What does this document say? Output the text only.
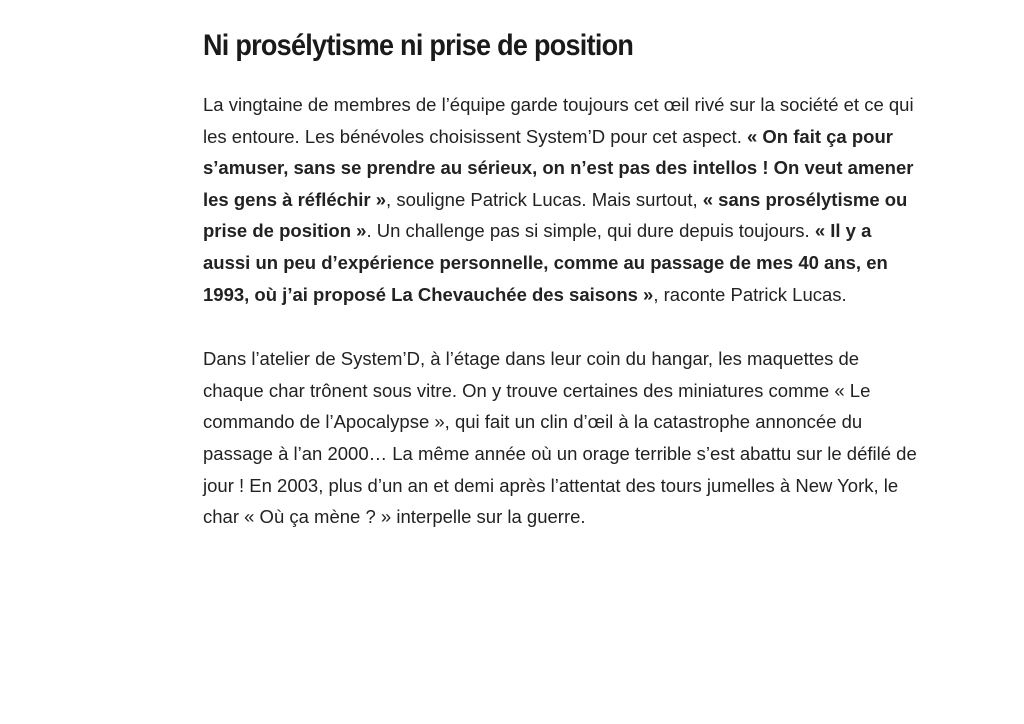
Ni prosélytisme ni prise de position

La vingtaine de membres de l’équipe garde toujours cet œil rivé sur la société et ce qui les entoure. Les bénévoles choisissent System’D pour cet aspect. « On fait ça pour s’amuser, sans se prendre au sérieux, on n’est pas des intellos ! On veut amener les gens à réfléchir », souligne Patrick Lucas. Mais surtout, « sans prosélytisme ou prise de position ». Un challenge pas si simple, qui dure depuis toujours. « Il y a aussi un peu d’expérience personnelle, comme au passage de mes 40 ans, en 1993, où j’ai proposé La Chevauchée des saisons », raconte Patrick Lucas.

Dans l’atelier de System’D, à l’étage dans leur coin du hangar, les maquettes de chaque char trônent sous vitre. On y trouve certaines des miniatures comme « Le commando de l’Apocalypse », qui fait un clin d’œil à la catastrophe annoncée du passage à l’an 2000… La même année où un orage terrible s’est abattu sur le défilé de jour ! En 2003, plus d’un an et demi après l’attentat des tours jumelles à New York, le char « Où ça mène ? » interpelle sur la guerre.
